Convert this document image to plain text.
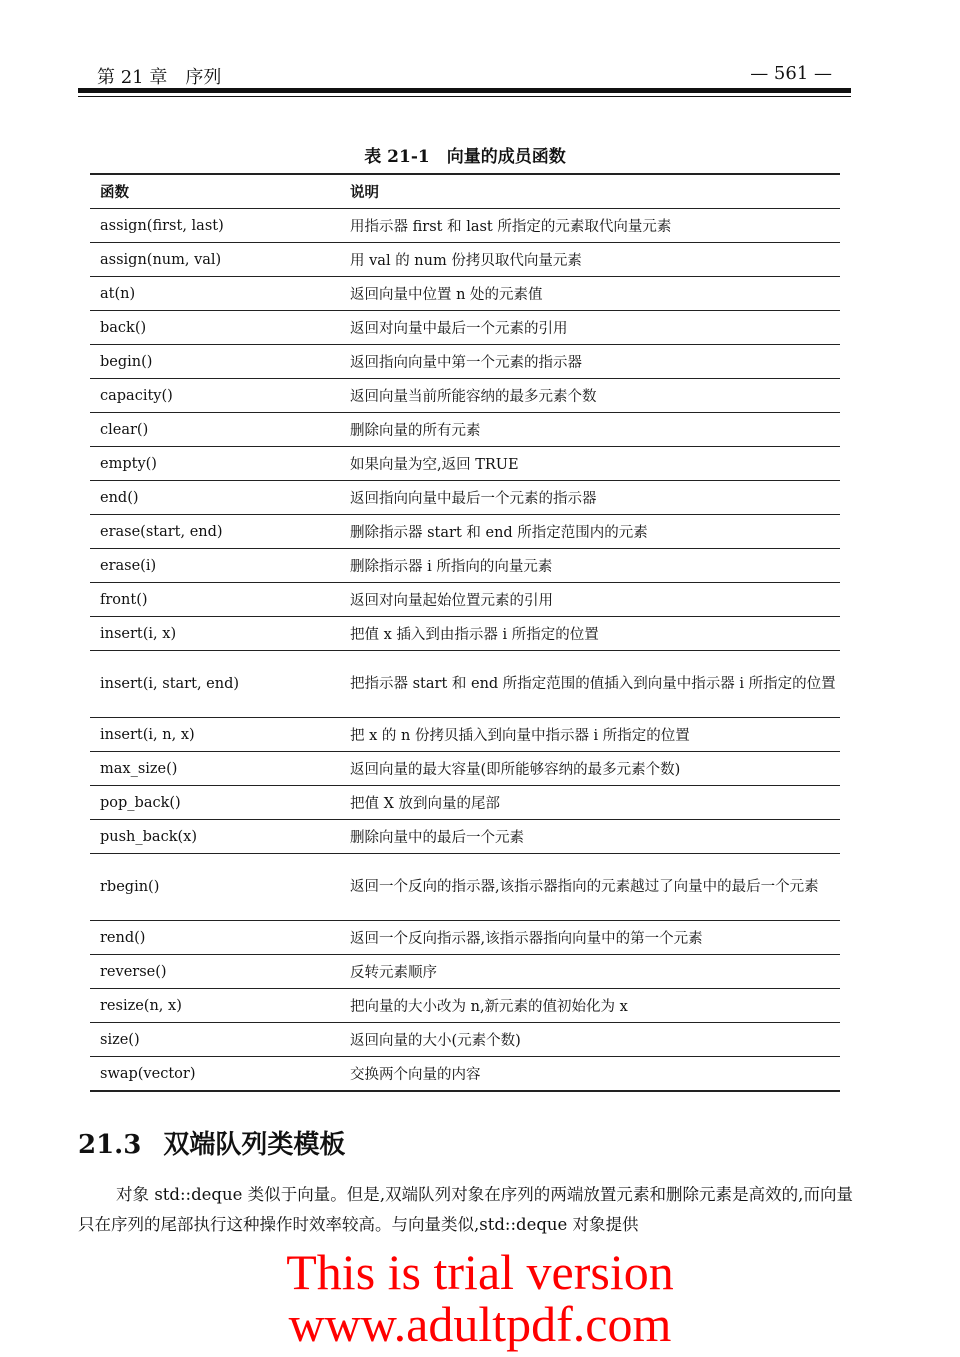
第 21 章　序列	— 561 —
表 21-1　向量的成员函数
函数	说明
assign(first, last)	用指示器 first 和 last 所指定的元素取代向量元素
assign(num, val)	用 val 的 num 份拷贝取代向量元素
at(n)	返回向量中位置 n 处的元素值
back()	返回对向量中最后一个元素的引用
begin()	返回指向向量中第一个元素的指示器
capacity()	返回向量当前所能容纳的最多元素个数
clear()	删除向量的所有元素
empty()	如果向量为空,返回 TRUE
end()	返回指向向量中最后一个元素的指示器
erase(start, end)	删除指示器 start 和 end 所指定范围内的元素
erase(i)	删除指示器 i 所指向的向量元素
front()	返回对向量起始位置元素的引用
insert(i, x)	把值 x 插入到由指示器 i 所指定的位置
insert(i, start, end)	把指示器 start 和 end 所指定范围的值插入到向量中指示器 i 所指定的位置
insert(i, n, x)	把 x 的 n 份拷贝插入到向量中指示器 i 所指定的位置
max_size()	返回向量的最大容量(即所能够容纳的最多元素个数)
pop_back()	把值 X 放到向量的尾部
push_back(x)	删除向量中的最后一个元素
rbegin()	返回一个反向的指示器,该指示器指向的元素越过了向量中的最后一个元素
rend()	返回一个反向指示器,该指示器指向向量中的第一个元素
reverse()	反转元素顺序
resize(n, x)	把向量的大小改为 n,新元素的值初始化为 x
size()	返回向量的大小(元素个数)
swap(vector)	交换两个向量的内容
21.3 双端队列类模板
对象 std::deque 类似于向量。但是,双端队列对象在序列的两端放置元素和删除元素是高效的,而向量只在序列的尾部执行这种操作时效率较高。与向量类似,std::deque 对象提供
This is trial version
www.adultpdf.com
